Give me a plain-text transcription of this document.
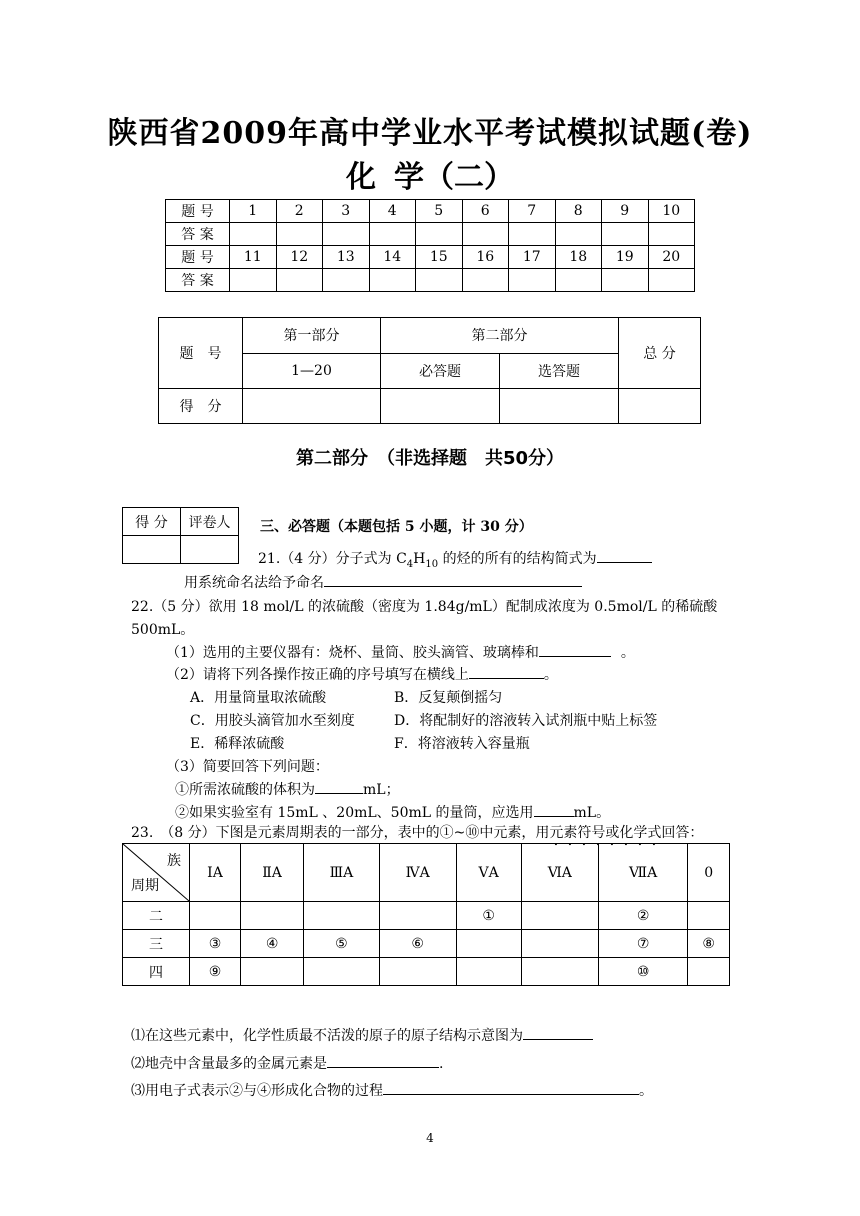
陕西省2009年高中学业水平考试模拟试题(卷)
化学（二）
题 号	1	2	3	4	5	6	7	8	9	10
答 案										
题 号	11	12	13	14	15	16	17	18	19	20
答 案										
题　号	第一部分	第二部分		总 分
	1—20	必答题	选答题	
得　分				
第二部分　（非选择题　共50分）
得 分	评卷人
	三、必答题（本题包括 5 小题，计 30 分）
21.（4 分）分子式为 $C_4H_{10}$ 的烃的所有的结构简式为
用系统命名法给予命名
22.（5 分）欲用 18 mol/L 的浓硫酸（密度为 1.84g/mL）配制成浓度为 0.5mol/L 的稀硫酸
500mL。
（1）选用的主要仪器有：烧杯、量筒、胶头滴管、玻璃棒和	。
（2）请将下列各操作按正确的序号填写在横线上	。
A．用量筒量取浓硫酸	B．反复颠倒摇匀
C．用胶头滴管加水至刻度	D．将配制好的溶液转入试剂瓶中贴上标签
E．稀释浓硫酸	F．将溶液转入容量瓶
（3）简要回答下列问题：
①所需浓硫酸的体积为	mL；
②如果实验室有 15mL 、20mL、50mL 的量筒，应选用	mL。
23.　（8 分）下图是元素周期表的一部分，表中的①~⑩中元素，用元素符号或化学式回答：
族
周期	ⅠA	ⅡA	ⅢA	ⅣA	ⅤA	ⅥA	ⅦA	0
二					①		②	
三	③	④	⑤	⑥			⑦	⑧
四	⑨						⑩	
⑴在这些元素中，化学性质最不活泼的原子的原子结构示意图为
⑵地壳中含量最多的金属元素是	.
⑶用电子式表示②与④形成化合物的过程	。
4
